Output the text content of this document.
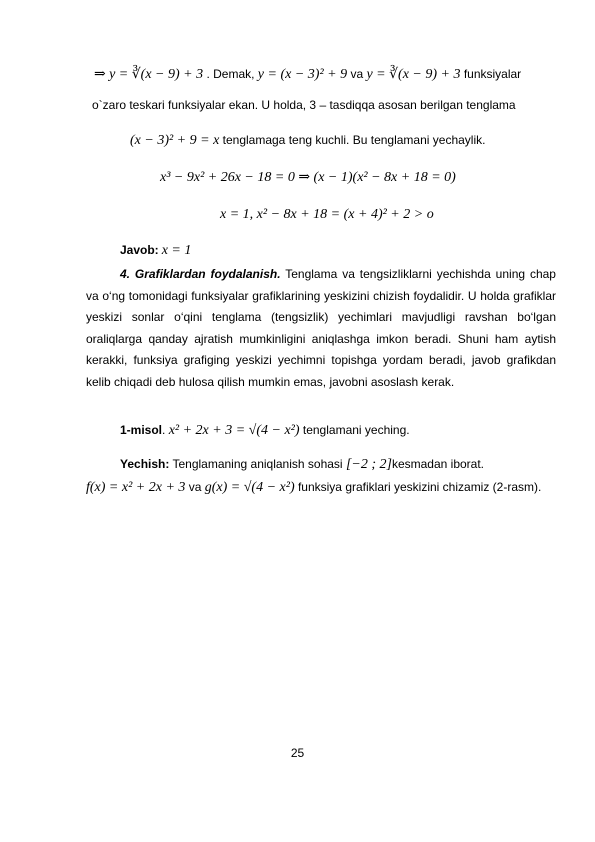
⇒ y = ∛(x − 9) + 3 . Demak, y = (x − 3)² + 9 va y = ∛(x − 9) + 3 funksiyalar
o`zaro teskari funksiyalar ekan. U holda, 3 – tasdiqqa asosan berilgan tenglama
(x − 3)² + 9 = x tenglamaga teng kuchli. Bu tenglamani yechaylik.
x³ − 9x² + 26x − 18 = 0 ⇒ (x − 1)(x² − 8x + 18 = 0)
x = 1, x² − 8x + 18 = (x + 4)² + 2 > o
Javob: x = 1
4. Grafiklardan foydalanish. Tenglama va tengsizliklarni yechishda uning chap va o‘ng tomonidagi funksiyalar grafiklarining yeskizini chizish foydalidir. U holda grafiklar yeskizi sonlar o‘qini tenglama (tengsizlik) yechimlari mavjudligi ravshan bo‘lgan oraliqlarga qanday ajratish mumkinligini aniqlashga imkon beradi. Shuni ham aytish kerakki, funksiya grafiging yeskizi yechimni topishga yordam beradi, javob grafikdan kelib chiqadi deb hulosa qilish mumkin emas, javobni asoslash kerak.
1-misol. x² + 2x + 3 = √(4 − x²) tenglamani yeching.
Yechish: Tenglamaning aniqlanish sohasi [−2 ; 2]kesmadan iborat.
f(x) = x² + 2x + 3 va g(x) = √(4 − x²) funksiya grafiklari yeskizini chizamiz (2-rasm).
25
